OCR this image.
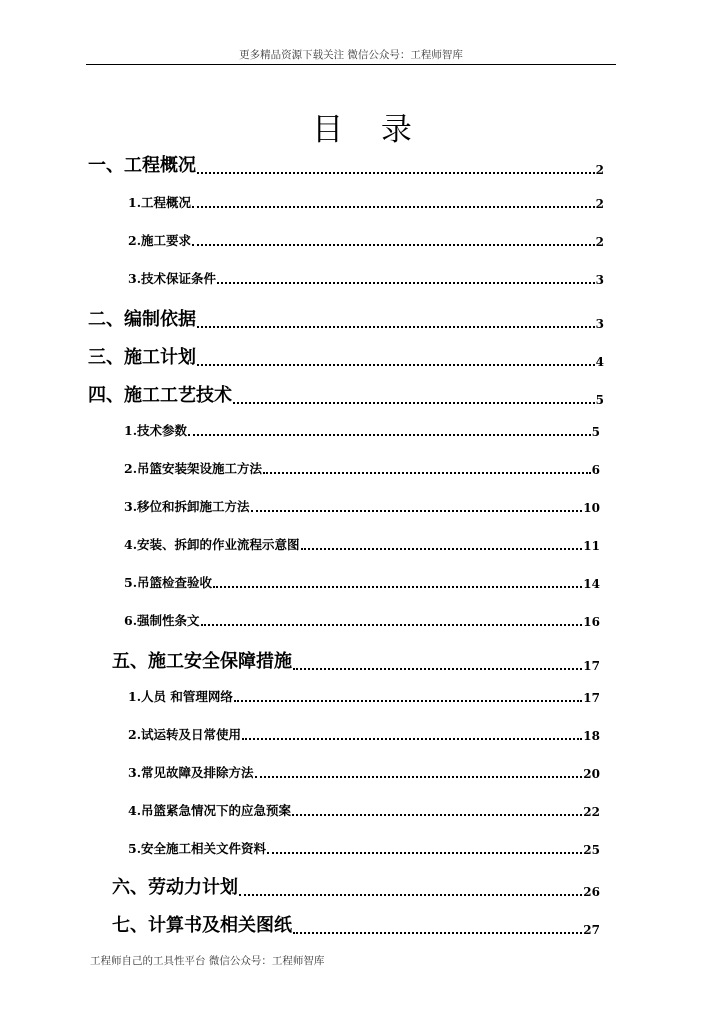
更多精品资源下载关注 微信公众号：工程师智库
目 录
一、工程概况	2
1.工程概况	2
2.施工要求	2
3.技术保证条件	3
二、编制依据	3
三、施工计划	4
四、施工工艺技术	5
1.技术参数	5
2.吊篮安装架设施工方法	6
3.移位和拆卸施工方法	10
4.安装、拆卸的作业流程示意图	11
5.吊篮检查验收	14
6.强制性条文	16
五、施工安全保障措施	17
1.人员 和管理网络	17
2.试运转及日常使用	18
3.常见故障及排除方法	20
4.吊篮紧急情况下的应急预案	22
5.安全施工相关文件资料	25
六、劳动力计划	26
七、计算书及相关图纸	27
工程师自己的工具性平台 微信公众号：工程师智库
